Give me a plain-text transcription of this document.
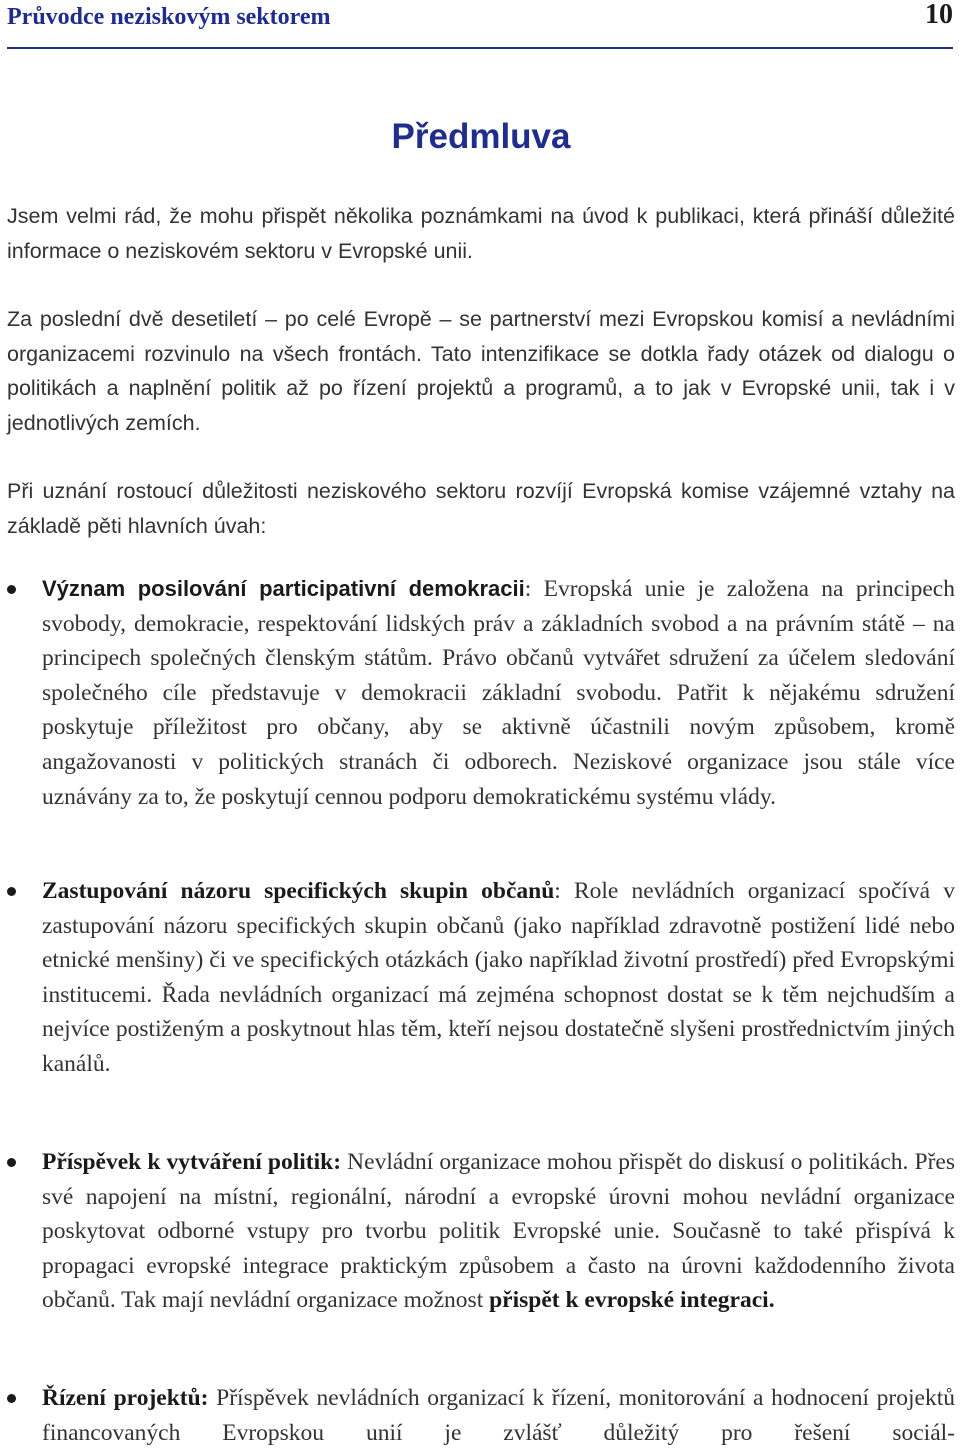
Průvodce neziskovým sektorem	10
Předmluva

Jsem velmi rád, že mohu přispět několika poznámkami na úvod k publikaci, která přináší důležité informace o neziskovém sektoru v Evropské unii.

Za poslední dvě desetiletí – po celé Evropě – se partnerství mezi Evropskou komisí a nevládními organizacemi rozvinulo na všech frontách. Tato intenzifikace se dotkla řady otázek od dialogu o politikách a naplnění politik až po řízení projektů a programů, a to jak v Evropské unii, tak i v jednotlivých zemích.

Při uznání rostoucí důležitosti neziskového sektoru rozvíjí Evropská komise vzájemné vztahy na základě pěti hlavních úvah:

Význam posilování participativní demokracii: Evropská unie je založena na principech svobody, demokracie, respektování lidských práv a základních svobod a na právním státě – na principech společných členským státům. Právo občanů vytvářet sdružení za účelem sledování společného cíle představuje v demokracii základní svobodu. Patřit k nějakému sdružení poskytuje příležitost pro občany, aby se aktivně účastnili novým způsobem, kromě angažovanosti v politických stranách či odborech. Neziskové organizace jsou stále více uznávány za to, že poskytují cennou podporu demokratickému systému vlády.

Zastupování názoru specifických skupin občanů: Role nevládních organizací spočívá v zastupování názoru specifických skupin občanů (jako například zdravotně postižení lidé nebo etnické menšiny) či ve specifických otázkách (jako například životní prostředí) před Evropskými institucemi. Řada nevládních organizací má zejména schopnost dostat se k těm nejchudším a nejvíce postiženým a poskytnout hlas těm, kteří nejsou dostatečně slyšeni prostřednictvím jiných kanálů.

Příspěvek k vytváření politik: Nevládní organizace mohou přispět do diskusí o politikách. Přes své napojení na místní, regionální, národní a evropské úrovni mohou nevládní organizace poskytovat odborné vstupy pro tvorbu politik Evropské unie. Současně to také přispívá k propagaci evropské integrace praktickým způsobem a často na úrovni každodenního života občanů. Tak mají nevládní organizace možnost přispět k evropské integraci.

Řízení projektů: Příspěvek nevládních organizací k řízení, monitorování a hodnocení projektů financovaných Evropskou unií je zvlášť důležitý pro řešení sociál-
